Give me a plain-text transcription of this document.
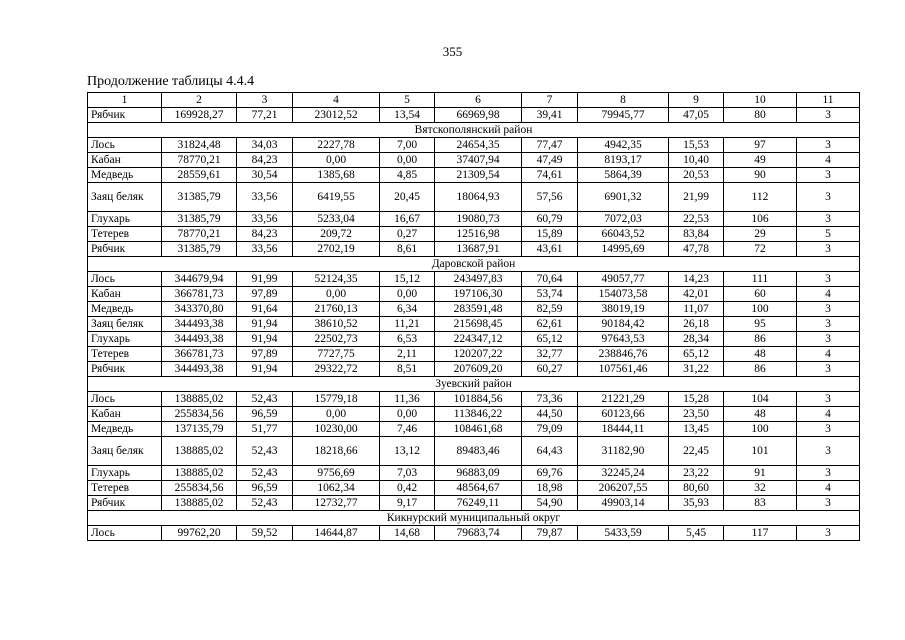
355
Продолжение таблицы 4.4.4
1	2	3	4	5	6	7	8	9	10	11
Рябчик	169928,27	77,21	23012,52	13,54	66969,98	39,41	79945,77	47,05	80	3
Вятскополянский район										
Лось	31824,48	34,03	2227,78	7,00	24654,35	77,47	4942,35	15,53	97	3
Кабан	78770,21	84,23	0,00	0,00	37407,94	47,49	8193,17	10,40	49	4
Медведь	28559,61	30,54	1385,68	4,85	21309,54	74,61	5864,39	20,53	90	3
Заяц беляк	31385,79	33,56	6419,55	20,45	18064,93	57,56	6901,32	21,99	112	3
Глухарь	31385,79	33,56	5233,04	16,67	19080,73	60,79	7072,03	22,53	106	3
Тетерев	78770,21	84,23	209,72	0,27	12516,98	15,89	66043,52	83,84	29	5
Рябчик	31385,79	33,56	2702,19	8,61	13687,91	43,61	14995,69	47,78	72	3
Даровской район										
Лось	344679,94	91,99	52124,35	15,12	243497,83	70,64	49057,77	14,23	111	3
Кабан	366781,73	97,89	0,00	0,00	197106,30	53,74	154073,58	42,01	60	4
Медведь	343370,80	91,64	21760,13	6,34	283591,48	82,59	38019,19	11,07	100	3
Заяц беляк	344493,38	91,94	38610,52	11,21	215698,45	62,61	90184,42	26,18	95	3
Глухарь	344493,38	91,94	22502,73	6,53	224347,12	65,12	97643,53	28,34	86	3
Тетерев	366781,73	97,89	7727,75	2,11	120207,22	32,77	238846,76	65,12	48	4
Рябчик	344493,38	91,94	29322,72	8,51	207609,20	60,27	107561,46	31,22	86	3
Зуевский район										
Лось	138885,02	52,43	15779,18	11,36	101884,56	73,36	21221,29	15,28	104	3
Кабан	255834,56	96,59	0,00	0,00	113846,22	44,50	60123,66	23,50	48	4
Медведь	137135,79	51,77	10230,00	7,46	108461,68	79,09	18444,11	13,45	100	3
Заяц беляк	138885,02	52,43	18218,66	13,12	89483,46	64,43	31182,90	22,45	101	3
Глухарь	138885,02	52,43	9756,69	7,03	96883,09	69,76	32245,24	23,22	91	3
Тетерев	255834,56	96,59	1062,34	0,42	48564,67	18,98	206207,55	80,60	32	4
Рябчик	138885,02	52,43	12732,77	9,17	76249,11	54,90	49903,14	35,93	83	3
Кикнурский муниципальный округ										
Лось	99762,20	59,52	14644,87	14,68	79683,74	79,87	5433,59	5,45	117	3
